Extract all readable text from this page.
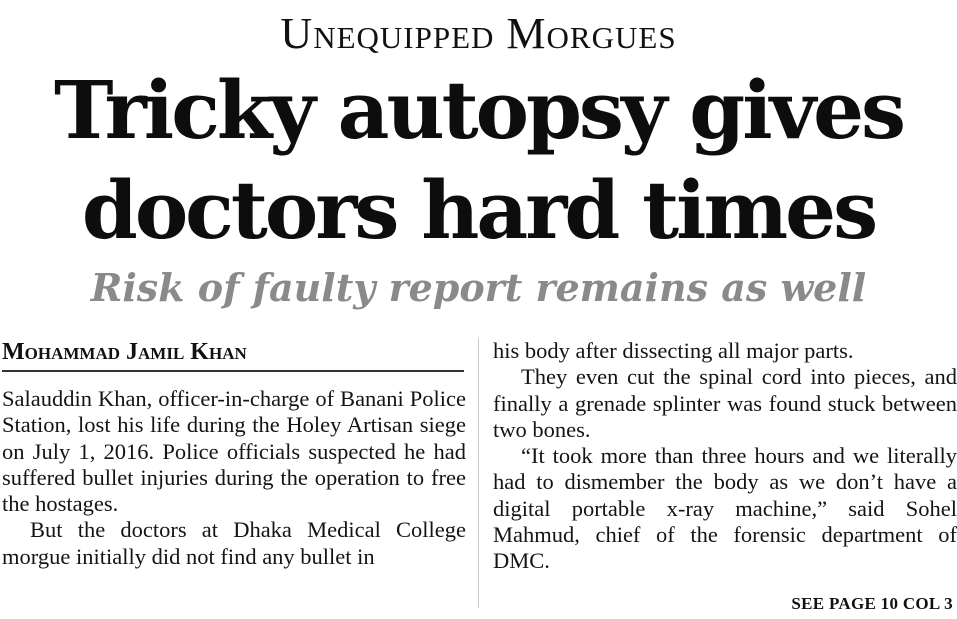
Unequipped Morgues
Tricky autopsy gives
doctors hard times
Risk of faulty report remains as well
Mohammad Jamil Khan

Salauddin Khan, officer-in-charge of Banani Police Station, lost his life during the Holey Artisan siege on July 1, 2016. Police officials suspected he had suffered bullet injuries during the operation to free the hostages.

But the doctors at Dhaka Medical College morgue initially did not find any bullet in

his body after dissecting all major parts.

They even cut the spinal cord into pieces, and finally a grenade splinter was found stuck between two bones.

“It took more than three hours and we literally had to dismember the body as we don’t have a digital portable x-ray machine,” said Sohel Mahmud, chief of the forensic department of DMC.

SEE PAGE 10 COL 3
